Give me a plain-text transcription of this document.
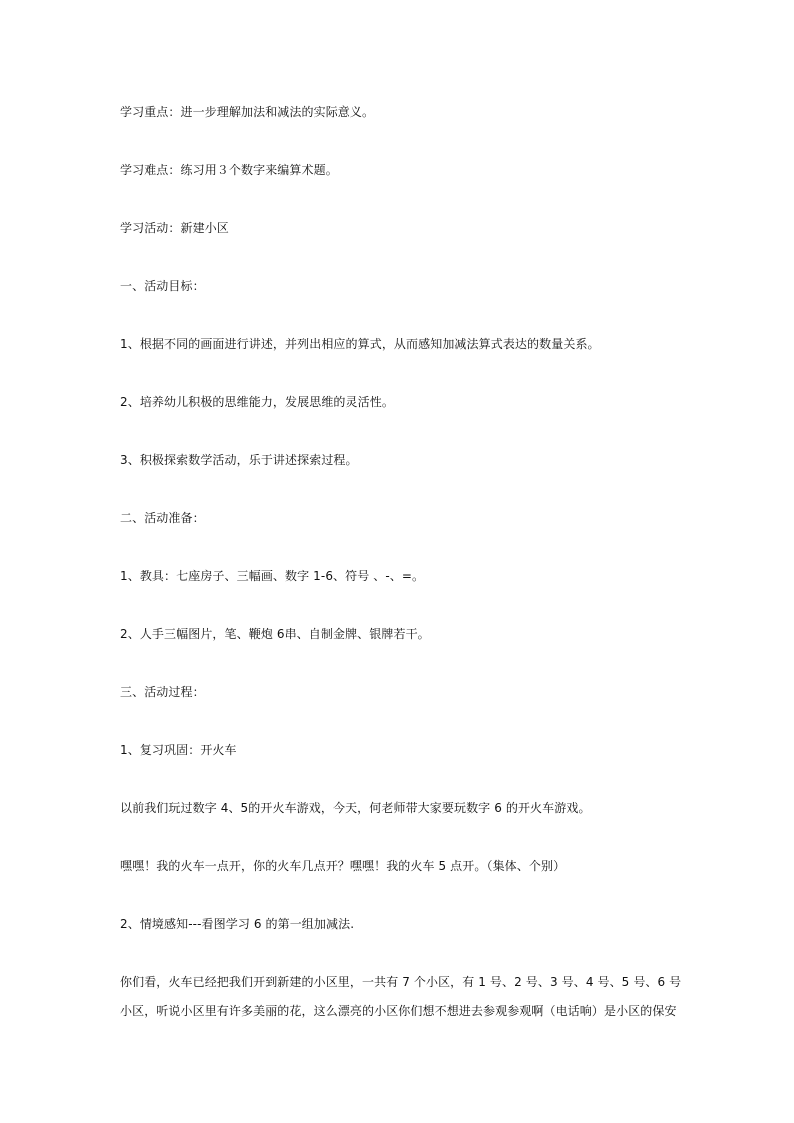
学习重点：进一步理解加法和减法的实际意义。
学习难点：练习用３个数字来编算术题。
学习活动：新建小区
一、活动目标：
1、根据不同的画面进行讲述，并列出相应的算式，从而感知加减法算式表达的数量关系。
2、培养幼儿积极的思维能力，发展思维的灵活性。
3、积极探索数学活动，乐于讲述探索过程。
二、活动准备：
1、教具：七座房子、三幅画、数字 1-6、符号 、-、=。
2、人手三幅图片，笔、鞭炮 6串、自制金牌、银牌若干。
三、活动过程：
1、复习巩固：开火车
以前我们玩过数字 4、5的开火车游戏，今天，何老师带大家要玩数字 6 的开火车游戏。
嘿嘿！我的火车一点开，你的火车几点开？嘿嘿！我的火车 5 点开。（集体、个别）
2、情境感知---看图学习 6 的第一组加减法.
你们看，火车已经把我们开到新建的小区里，一共有 7 个小区，有 1 号、2 号、3 号、4 号、5 号、6 号
小区，听说小区里有许多美丽的花，这么漂亮的小区你们想不想进去参观参观啊（电话响）是小区的保安
